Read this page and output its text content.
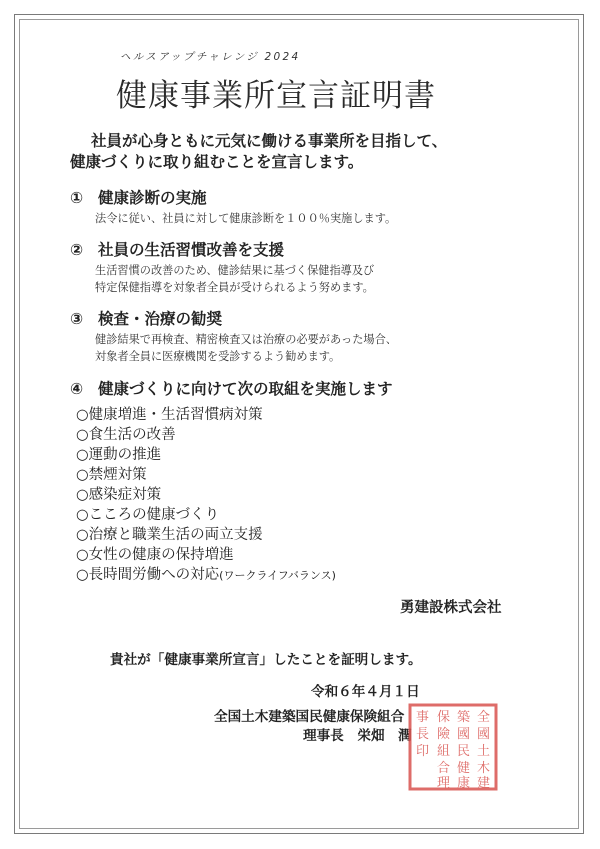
ヘルスアップチャレンジ 2024
健康事業所宣言証明書
社員が心身ともに元気に働ける事業所を目指して、
健康づくりに取り組むことを宣言します。
① 健康診断の実施
法令に従い、社員に対して健康診断を１００％実施します。
② 社員の生活習慣改善を支援
生活習慣の改善のため、健診結果に基づく保健指導及び
特定保健指導を対象者全員が受けられるよう努めます。
③ 検査・治療の勧奨
健診結果で再検査、精密検査又は治療の必要があった場合、
対象者全員に医療機関を受診するよう勧めます。
④ 健康づくりに向けて次の取組を実施します
○健康増進・生活習慣病対策
○食生活の改善
○運動の推進
○禁煙対策
○感染症対策
○こころの健康づくり
○治療と職業生活の両立支援
○女性の健康の保持増進
○長時間労働への対応(ワークライフバランス)
勇建設株式会社
貴社が「健康事業所宣言」したことを証明します。
令和６年４月１日
全国土木建築国民健康保険組合
理事長　栄畑　潤
全
國
土
木
建
築
國
民
健
康
保
險
組
合
理
事
長
印
